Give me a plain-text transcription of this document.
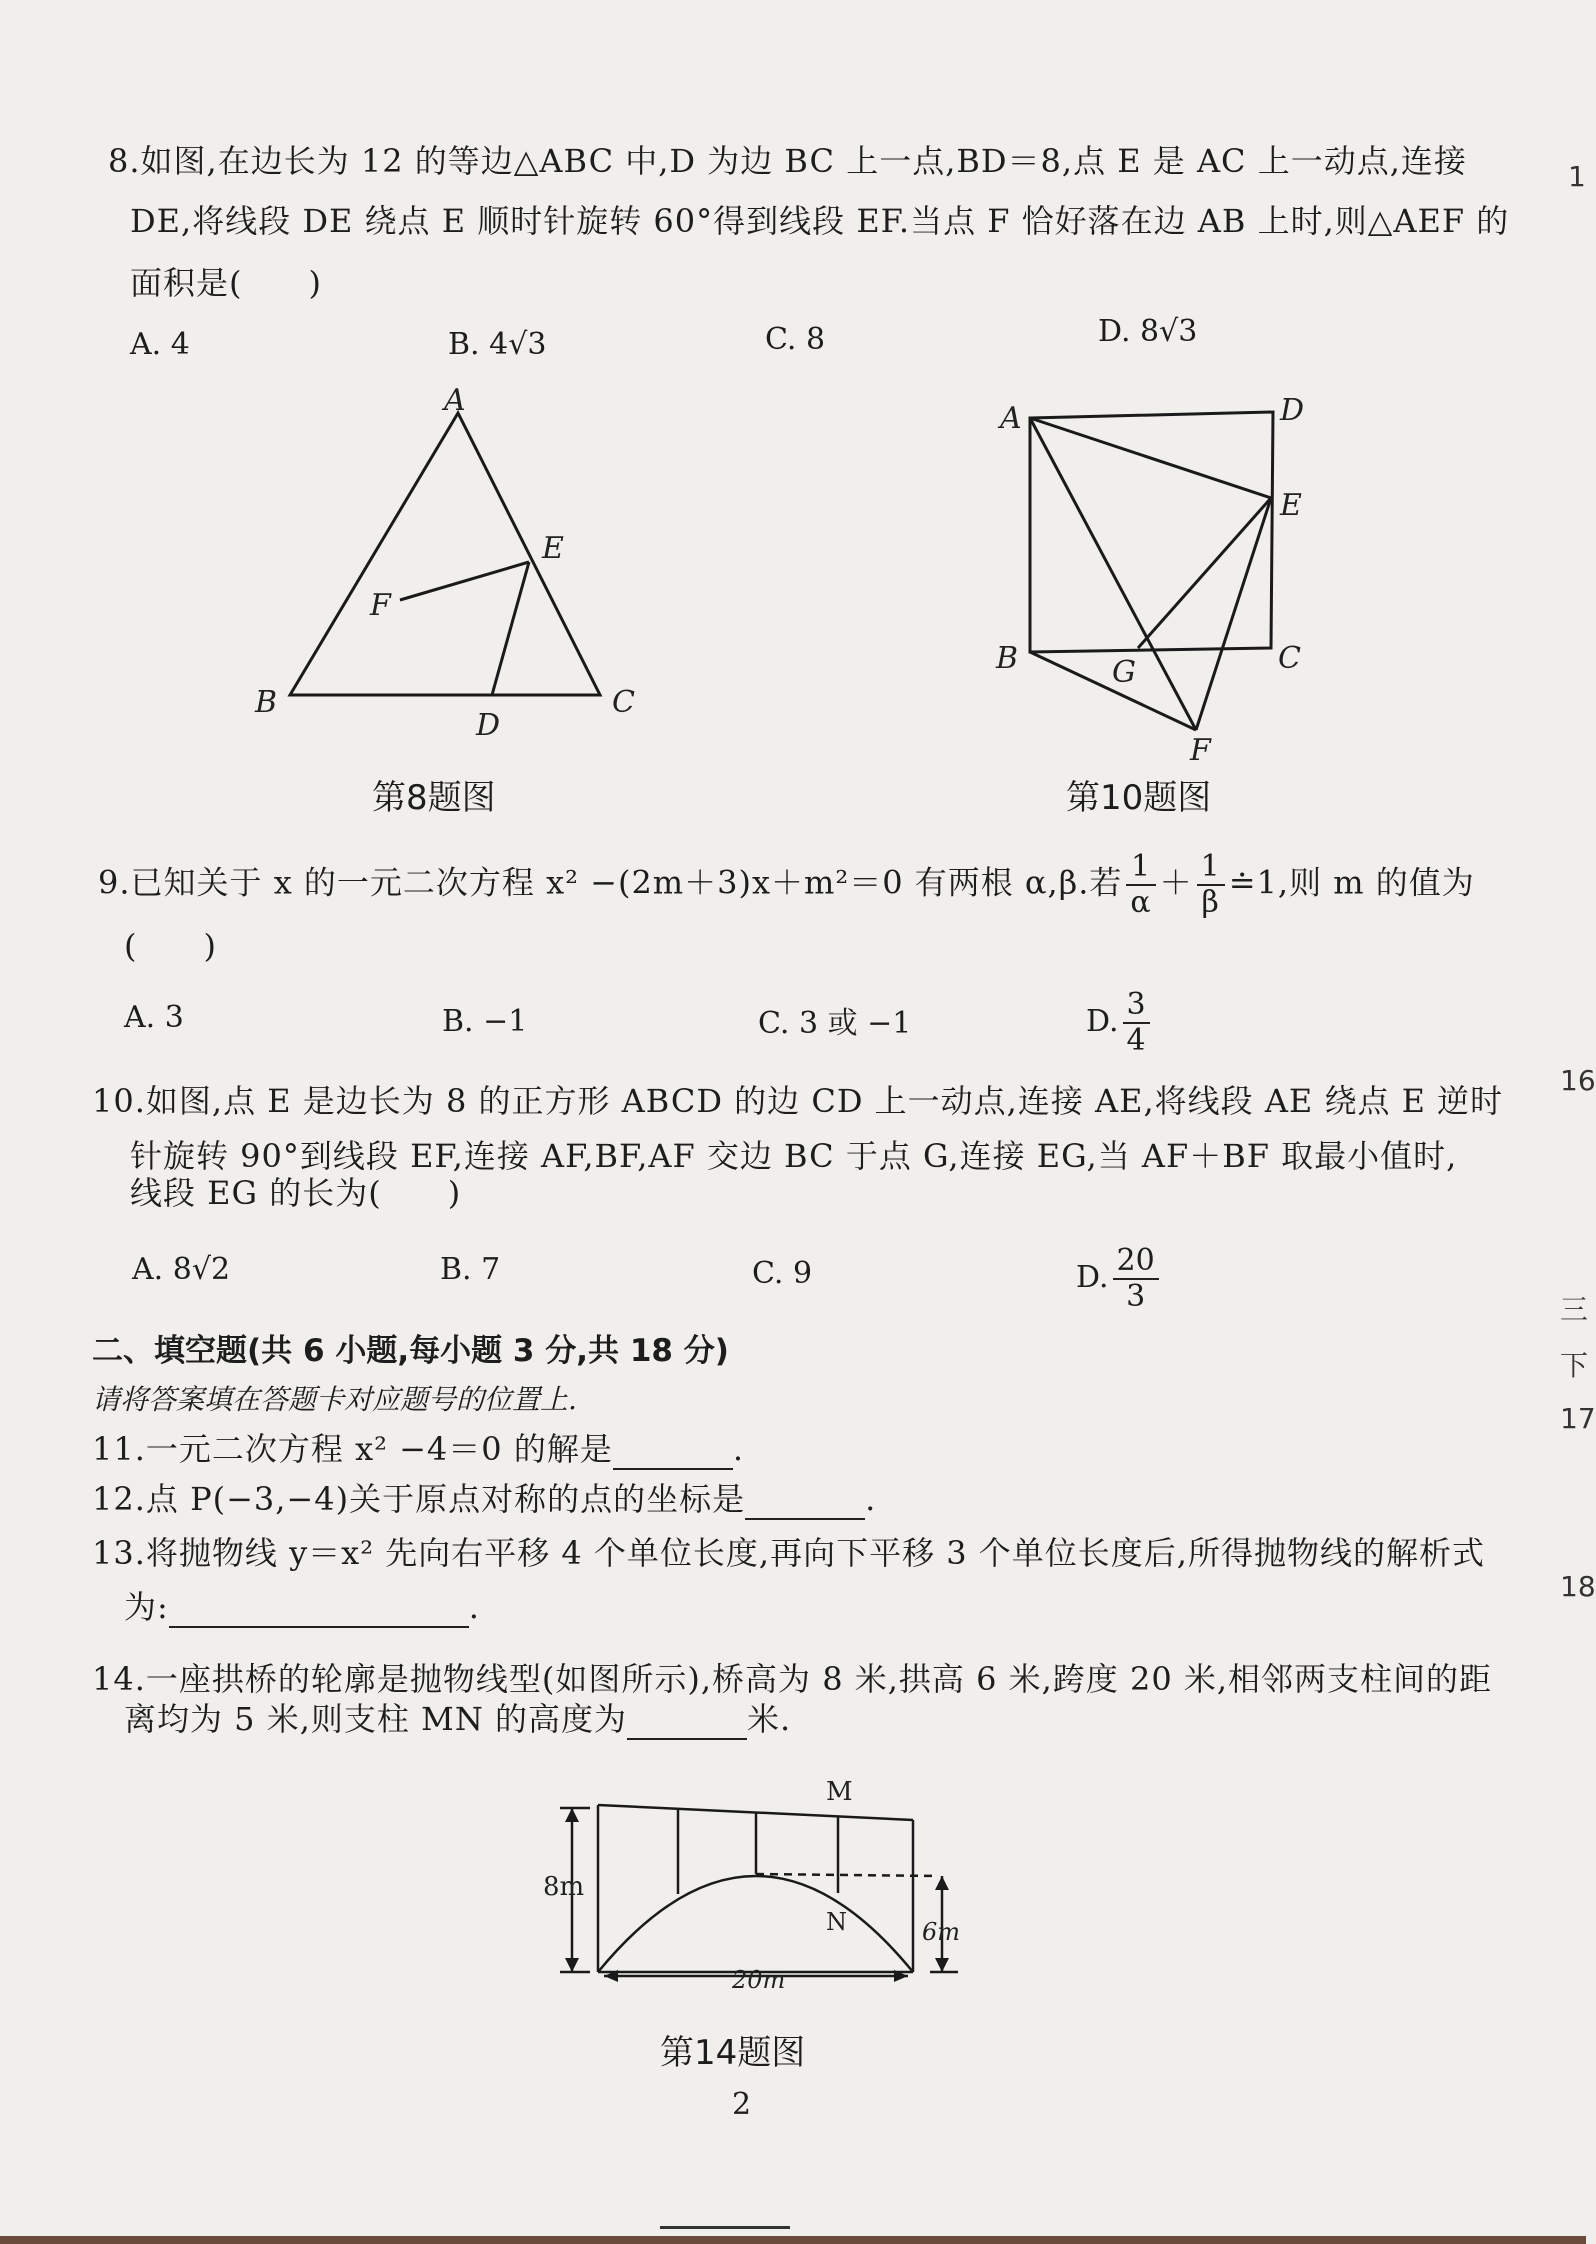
8.如图,在边长为 12 的等边△ABC 中,D 为边 BC 上一点,BD＝8,点 E 是 AC 上一动点,连接
DE,将线段 DE 绕点 E 顺时针旋转 60°得到线段 EF.当点 F 恰好落在边 AB 上时,则△AEF 的
面积是(　　)
A. 4	B. 4√3	C. 8	D. 8√3
A
B	C
D
E
F
A	D
E
B	G	C
F
M
N
8m
6m
20m
第8题图	第10题图
9.已知关于 x 的一元二次方程 x² −(2m＋3)x＋m²＝0 有两根 α,β.若 $\frac{1}{\alpha} + \frac{1}{\beta}$ ≐1,则 m 的值为
(　　)
A. 3	B. −1	C. 3 或 −1	D. $\frac{3}{4}$
10.如图,点 E 是边长为 8 的正方形 ABCD 的边 CD 上一动点,连接 AE,将线段 AE 绕点 E 逆时
针旋转 90°到线段 EF,连接 AF,BF,AF 交边 BC 于点 G,连接 EG,当 AF＋BF 取最小值时,
线段 EG 的长为(　　)
A. 8√2	B. 7	C. 9	D. $\frac{20}{3}$
二、填空题(共 6 小题,每小题 3 分,共 18 分)
请将答案填在答题卡对应题号的位置上.
11.一元二次方程 x² −4＝0 的解是	.
12.点 P(−3,−4)关于原点对称的点的坐标是	.
13.将抛物线 y＝x² 先向右平移 4 个单位长度,再向下平移 3 个单位长度后,所得抛物线的解析式
为:	.
14.一座拱桥的轮廓是抛物线型(如图所示),桥高为 8 米,拱高 6 米,跨度 20 米,相邻两支柱间的距
离均为 5 米,则支柱 MN 的高度为	米.
第14题图
2
1
16
三
下
17
18
